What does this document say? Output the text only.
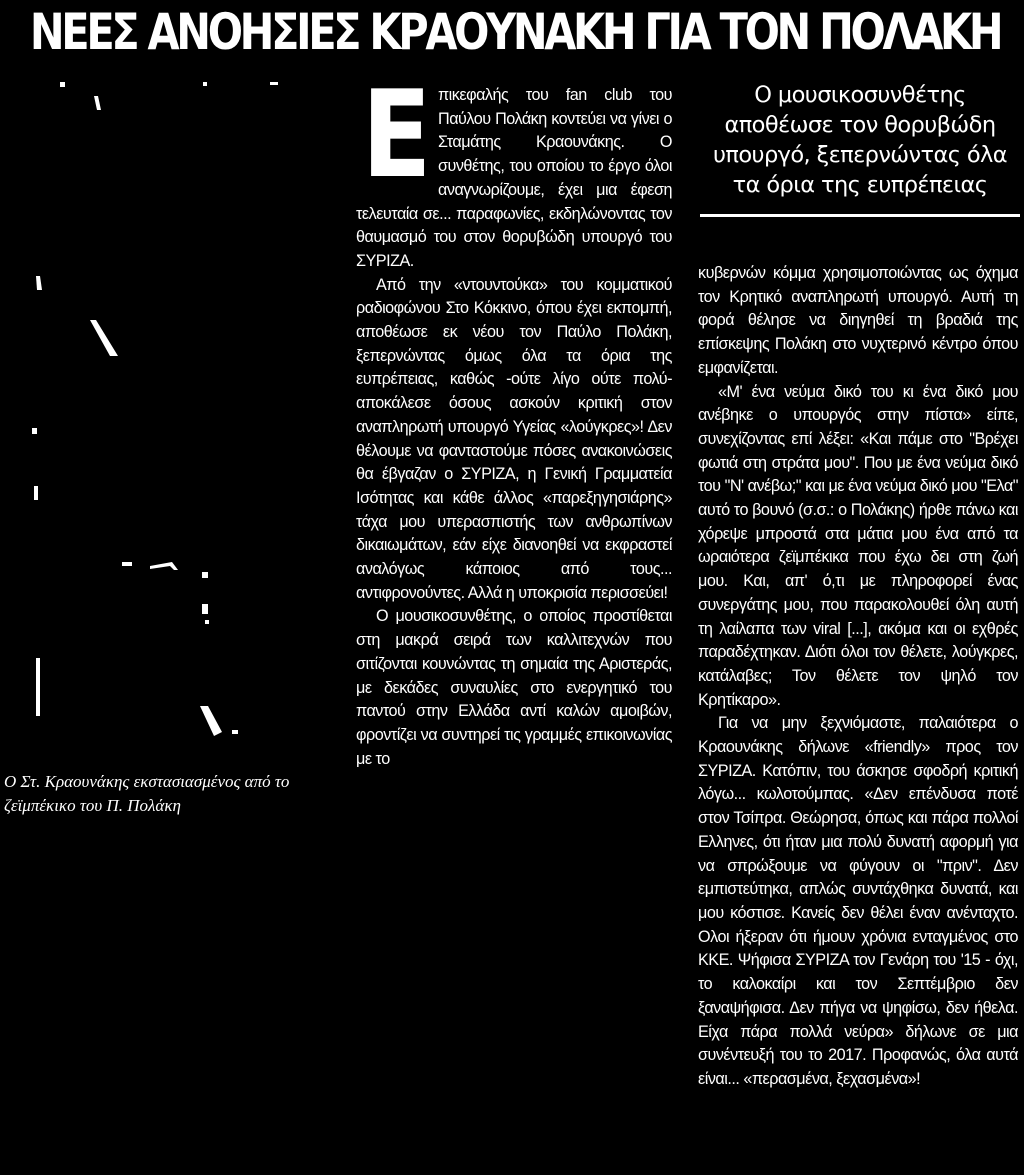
ΝΕΕΣ ΑΝΟΗΣΙΕΣ ΚΡΑΟΥΝΑΚΗ ΓΙΑ ΤΟΝ ΠΟΛΑΚΗ
Ο Στ. Κραουνάκης εκστασιασμένος από το ζεϊμπέκικο του Π. Πολάκη
Ε πικεφαλής του fan club του Παύλου Πολάκη κοντεύει να γίνει ο Σταμάτης Κραουνάκης. Ο συνθέτης, του οποίου το έργο όλοι αναγνωρίζουμε, έχει μια έφεση τελευταία σε... παραφωνίες, εκδηλώνοντας τον θαυμασμό του στον θορυβώδη υπουργό του ΣΥΡΙΖΑ.

Από την «ντουντούκα» του κομματικού ραδιοφώνου Στο Κόκκινο, όπου έχει εκπομπή, αποθέωσε εκ νέου τον Παύλο Πολάκη, ξεπερνώντας όμως όλα τα όρια της ευπρέπειας, καθώς -ούτε λίγο ούτε πολύ- αποκάλεσε όσους ασκούν κριτική στον αναπληρωτή υπουργό Υγείας «λούγκρες»! Δεν θέλουμε να φανταστούμε πόσες ανακοινώσεις θα έβγαζαν ο ΣΥΡΙΖΑ, η Γενική Γραμματεία Ισότητας και κάθε άλλος «παρεξηγησιάρης» τάχα μου υπερασπιστής των ανθρωπίνων δικαιωμάτων, εάν είχε διανοηθεί να εκφραστεί αναλόγως κάποιος από τους... αντιφρονούντες. Αλλά η υποκρισία περισσεύει!

Ο μουσικοσυνθέτης, ο οποίος προστίθεται στη μακρά σειρά των καλλιτεχνών που σιτίζονται κουνώντας τη σημαία της Αριστεράς, με δεκάδες συναυλίες στο ενεργητικό του παντού στην Ελλάδα αντί καλών αμοιβών, φροντίζει να συντηρεί τις γραμμές επικοινωνίας με το

Ο μουσικοσυνθέτης αποθέωσε τον θορυβώδη υπουργό, ξεπερνώντας όλα τα όρια της ευπρέπειας

κυβερνών κόμμα χρησιμοποιώντας ως όχημα τον Κρητικό αναπληρωτή υπουργό. Αυτή τη φορά θέλησε να διηγηθεί τη βραδιά της επίσκεψης Πολάκη στο νυχτερινό κέντρο όπου εμφανίζεται.

«Μ' ένα νεύμα δικό του κι ένα δικό μου ανέβηκε ο υπουργός στην πίστα» είπε, συνεχίζοντας επί λέξει: «Και πάμε στο "Βρέχει φωτιά στη στράτα μου". Που με ένα νεύμα δικό του "Ν' ανέβω;" και με ένα νεύμα δικό μου "Ελα" αυτό το βουνό (σ.σ.: ο Πολάκης) ήρθε πάνω και χόρεψε μπροστά στα μάτια μου ένα από τα ωραιότερα ζεϊμπέκικα που έχω δει στη ζωή μου. Και, απ' ό,τι με πληροφορεί ένας συνεργάτης μου, που παρακολουθεί όλη αυτή τη λαίλαπα των viral [...], ακόμα και οι εχθρές παραδέχτηκαν. Διότι όλοι τον θέλετε, λούγκρες, κατάλαβες; Τον θέλετε τον ψηλό τον Κρητίκαρο».

Για να μην ξεχνιόμαστε, παλαιότερα ο Κραουνάκης δήλωνε «friendly» προς τον ΣΥΡΙΖΑ. Κατόπιν, του άσκησε σφοδρή κριτική λόγω... κωλοτούμπας. «Δεν επένδυσα ποτέ στον Τσίπρα. Θεώρησα, όπως και πάρα πολλοί Ελληνες, ότι ήταν μια πολύ δυνατή αφορμή για να σπρώξουμε να φύγουν οι "πριν". Δεν εμπιστεύτηκα, απλώς συντάχθηκα δυνατά, και μου κόστισε. Κανείς δεν θέλει έναν ανένταχτο. Ολοι ήξεραν ότι ήμουν χρόνια ενταγμένος στο ΚΚΕ. Ψήφισα ΣΥΡΙΖΑ τον Γενάρη του '15 - όχι, το καλοκαίρι και τον Σεπτέμβριο δεν ξαναψήφισα. Δεν πήγα να ψηφίσω, δεν ήθελα. Είχα πάρα πολλά νεύρα» δήλωνε σε μια συνέντευξή του το 2017. Προφανώς, όλα αυτά είναι... «περασμένα, ξεχασμένα»!
